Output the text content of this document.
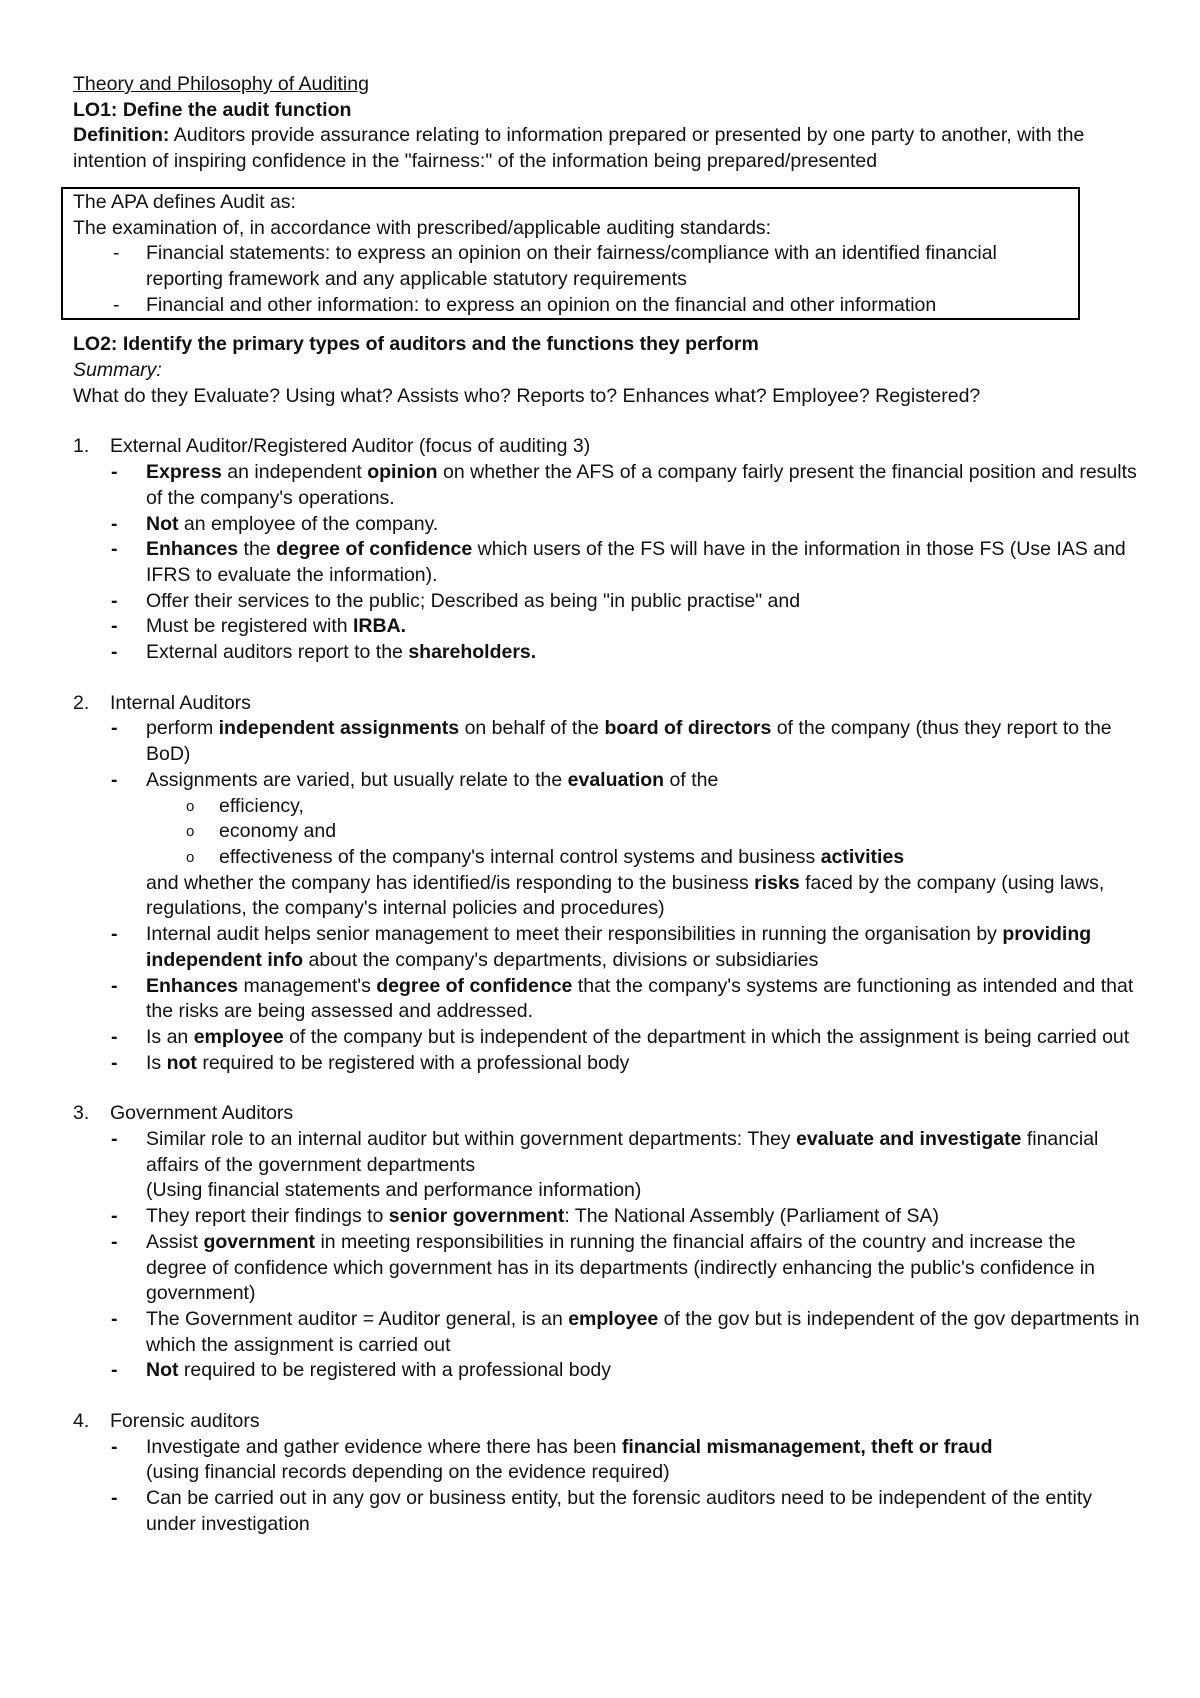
Theory and Philosophy of Auditing

LO1: Define the audit function

Definition: Auditors provide assurance relating to information prepared or presented by one party to another, with the intention of inspiring confidence in the "fairness:" of the information being prepared/presented

The APA defines Audit as:

The examination of, in accordance with prescribed/applicable auditing standards:

- Financial statements: to express an opinion on their fairness/compliance with an identified financial reporting framework and any applicable statutory requirements
- Financial and other information: to express an opinion on the financial and other information

LO2: Identify the primary types of auditors and the functions they perform

Summary:

What do they Evaluate? Using what? Assists who? Reports to? Enhances what? Employee? Registered?

1. External Auditor/Registered Auditor (focus of auditing 3)

- Express an independent opinion on whether the AFS of a company fairly present the financial position and results of the company's operations.
- Not an employee of the company.
- Enhances the degree of confidence which users of the FS will have in the information in those FS (Use IAS and IFRS to evaluate the information).
- Offer their services to the public; Described as being "in public practise" and
- Must be registered with IRBA.
- External auditors report to the shareholders.

2. Internal Auditors

- perform independent assignments on behalf of the board of directors of the company (thus they report to the BoD)
- Assignments are varied, but usually relate to the evaluation of the
o efficiency,
o economy and
o effectiveness of the company's internal control systems and business activities

and whether the company has identified/is responding to the business risks faced by the company (using laws, regulations, the company's internal policies and procedures)

- Internal audit helps senior management to meet their responsibilities in running the organisation by providing independent info about the company's departments, divisions or subsidiaries
- Enhances management's degree of confidence that the company's systems are functioning as intended and that the risks are being assessed and addressed.
- Is an employee of the company but is independent of the department in which the assignment is being carried out
- Is not required to be registered with a professional body

3. Government Auditors

- Similar role to an internal auditor but within government departments: They evaluate and investigate financial affairs of the government departments
(Using financial statements and performance information)
- They report their findings to senior government: The National Assembly (Parliament of SA)
- Assist government in meeting responsibilities in running the financial affairs of the country and increase the degree of confidence which government has in its departments (indirectly enhancing the public's confidence in government)
- The Government auditor = Auditor general, is an employee of the gov but is independent of the gov departments in which the assignment is carried out
- Not required to be registered with a professional body

4. Forensic auditors

- Investigate and gather evidence where there has been financial mismanagement, theft or fraud
(using financial records depending on the evidence required)
- Can be carried out in any gov or business entity, but the forensic auditors need to be independent of the entity under investigation
